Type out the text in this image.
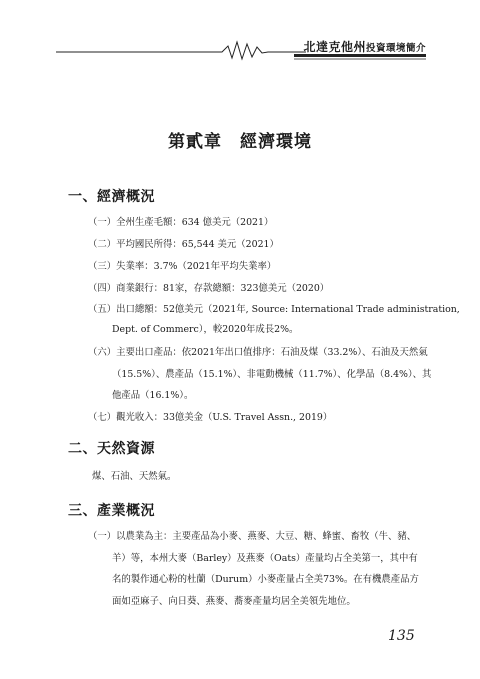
北達克他州投資環境簡介
第貳章　經濟環境
一、經濟概況
（一）全州生產毛額：634 億美元（2021）
（二）平均國民所得：65,544 美元（2021）
（三）失業率：3.7%（2021年平均失業率）
（四）商業銀行：81家，存款總額：323億美元（2020）
（五）出口總額：52億美元（2021年, Source: International Trade administration,
Dept. of Commerc），較2020年成長2%。
（六）主要出口產品：依2021年出口值排序：石油及煤（33.2%）、石油及天然氣
（15.5%）、農產品（15.1%）、非電動機械（11.7%）、化學品（8.4%）、其
他產品（16.1%）。
（七）觀光收入：33億美金（U.S. Travel Assn., 2019）
二、天然資源
煤、石油、天然氣。
三、產業概況
（一）以農業為主：主要產品為小麥、燕麥、大豆、糖、蜂蜜、畜牧（牛、豬、
羊）等，本州大麥（Barley）及燕麥（Oats）產量均占全美第一，其中有
名的製作通心粉的杜蘭（Durum）小麥產量占全美73%。在有機農產品方
面如亞麻子、向日葵、燕麥、蕎麥產量均居全美領先地位。
135
